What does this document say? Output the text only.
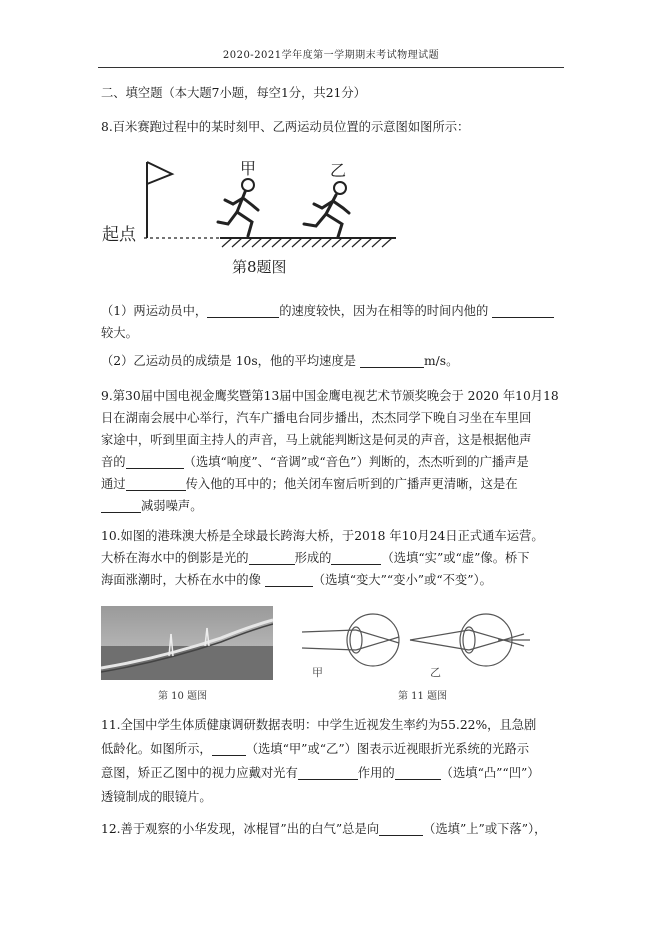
2020-2021学年度第一学期期末考试物理试题
二、填空题（本大题7小题，每空1分，共21分）
8.百米赛跑过程中的某时刻甲、乙两运动员位置的示意图如图所示：
起点
甲	乙
第8题图
（1）两运动员中，	的速度较快，因为在相等的时间内他的
较大。
（2）乙运动员的成绩是 10s，他的平均速度是	m/s。
9.第30届中国电视金鹰奖暨第13届中国金鹰电视艺术节颁奖晚会于 2020 年10月18
日在湖南会展中心举行，汽车广播电台同步播出，杰杰同学下晚自习坐在车里回
家途中，听到里面主持人的声音，马上就能判断这是何灵的声音，这是根据他声
音的	（选填“响度”、“音调”或“音色”）判断的，杰杰听到的广播声是
通过	传入他的耳中的；他关闭车窗后听到的广播声更清晰，这是在
减弱噪声。
10.如图的港珠澳大桥是全球最长跨海大桥，于2018 年10月24日正式通车运营。
大桥在海水中的倒影是光的	形成的	（选填“实”或“虚”像。桥下
海面涨潮时，大桥在水中的像	（选填“变大”“变小”或“不变”）。
第 10 题图
甲	乙
第 11 题图
11.全国中学生体质健康调研数据表明：中学生近视发生率约为55.22%，且急剧
低龄化。如图所示，	（选填“甲”或“乙”）图表示近视眼折光系统的光路示
意图，矫正乙图中的视力应戴对光有	作用的	（选填“凸”“凹”）
透镜制成的眼镜片。
12.善于观察的小华发现，冰棍冒”出的白气”总是向	（选填”上”或下落”），
